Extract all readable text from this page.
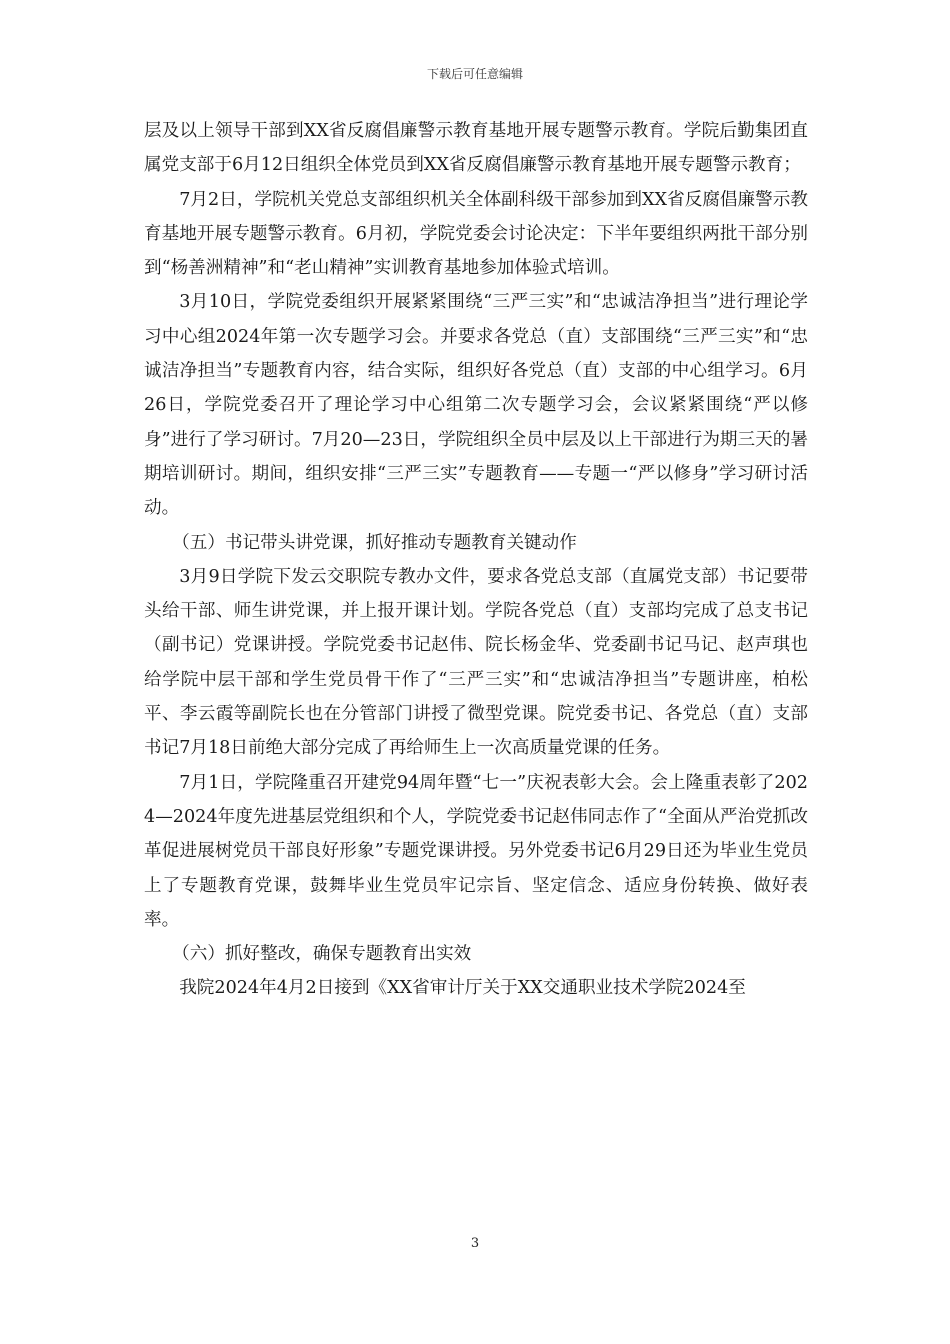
下载后可任意编辑

层及以上领导干部到XX省反腐倡廉警示教育基地开展专题警示教育。学院后勤集团直属党支部于6月12日组织全体党员到XX省反腐倡廉警示教育基地开展专题警示教育；

7月2日，学院机关党总支部组织机关全体副科级干部参加到XX省反腐倡廉警示教育基地开展专题警示教育。6月初，学院党委会讨论决定：下半年要组织两批干部分别到“杨善洲精神”和“老山精神”实训教育基地参加体验式培训。

3月10日，学院党委组织开展紧紧围绕“三严三实”和“忠诚洁净担当”进行理论学习中心组2024年第一次专题学习会。并要求各党总（直）支部围绕“三严三实”和“忠诚洁净担当”专题教育内容，结合实际，组织好各党总（直）支部的中心组学习。6月26日，学院党委召开了理论学习中心组第二次专题学习会，会议紧紧围绕“严以修身”进行了学习研讨。7月20—23日，学院组织全员中层及以上干部进行为期三天的暑期培训研讨。期间，组织安排“三严三实”专题教育——专题一“严以修身”学习研讨活动。

（五）书记带头讲党课，抓好推动专题教育关键动作

3月9日学院下发云交职院专教办文件，要求各党总支部（直属党支部）书记要带头给干部、师生讲党课，并上报开课计划。学院各党总（直）支部均完成了总支书记（副书记）党课讲授。学院党委书记赵伟、院长杨金华、党委副书记马记、赵声琪也给学院中层干部和学生党员骨干作了“三严三实”和“忠诚洁净担当”专题讲座，柏松平、李云霞等副院长也在分管部门讲授了微型党课。院党委书记、各党总（直）支部书记7月18日前绝大部分完成了再给师生上一次高质量党课的任务。

7月1日，学院隆重召开建党94周年暨“七一”庆祝表彰大会。会上隆重表彰了2024—2024年度先进基层党组织和个人，学院党委书记赵伟同志作了“全面从严治党抓改革促进展树党员干部良好形象”专题党课讲授。另外党委书记6月29日还为毕业生党员上了专题教育党课，鼓舞毕业生党员牢记宗旨、坚定信念、适应身份转换、做好表率。

（六）抓好整改，确保专题教育出实效

我院2024年4月2日接到《XX省审计厅关于XX交通职业技术学院2024至

3
